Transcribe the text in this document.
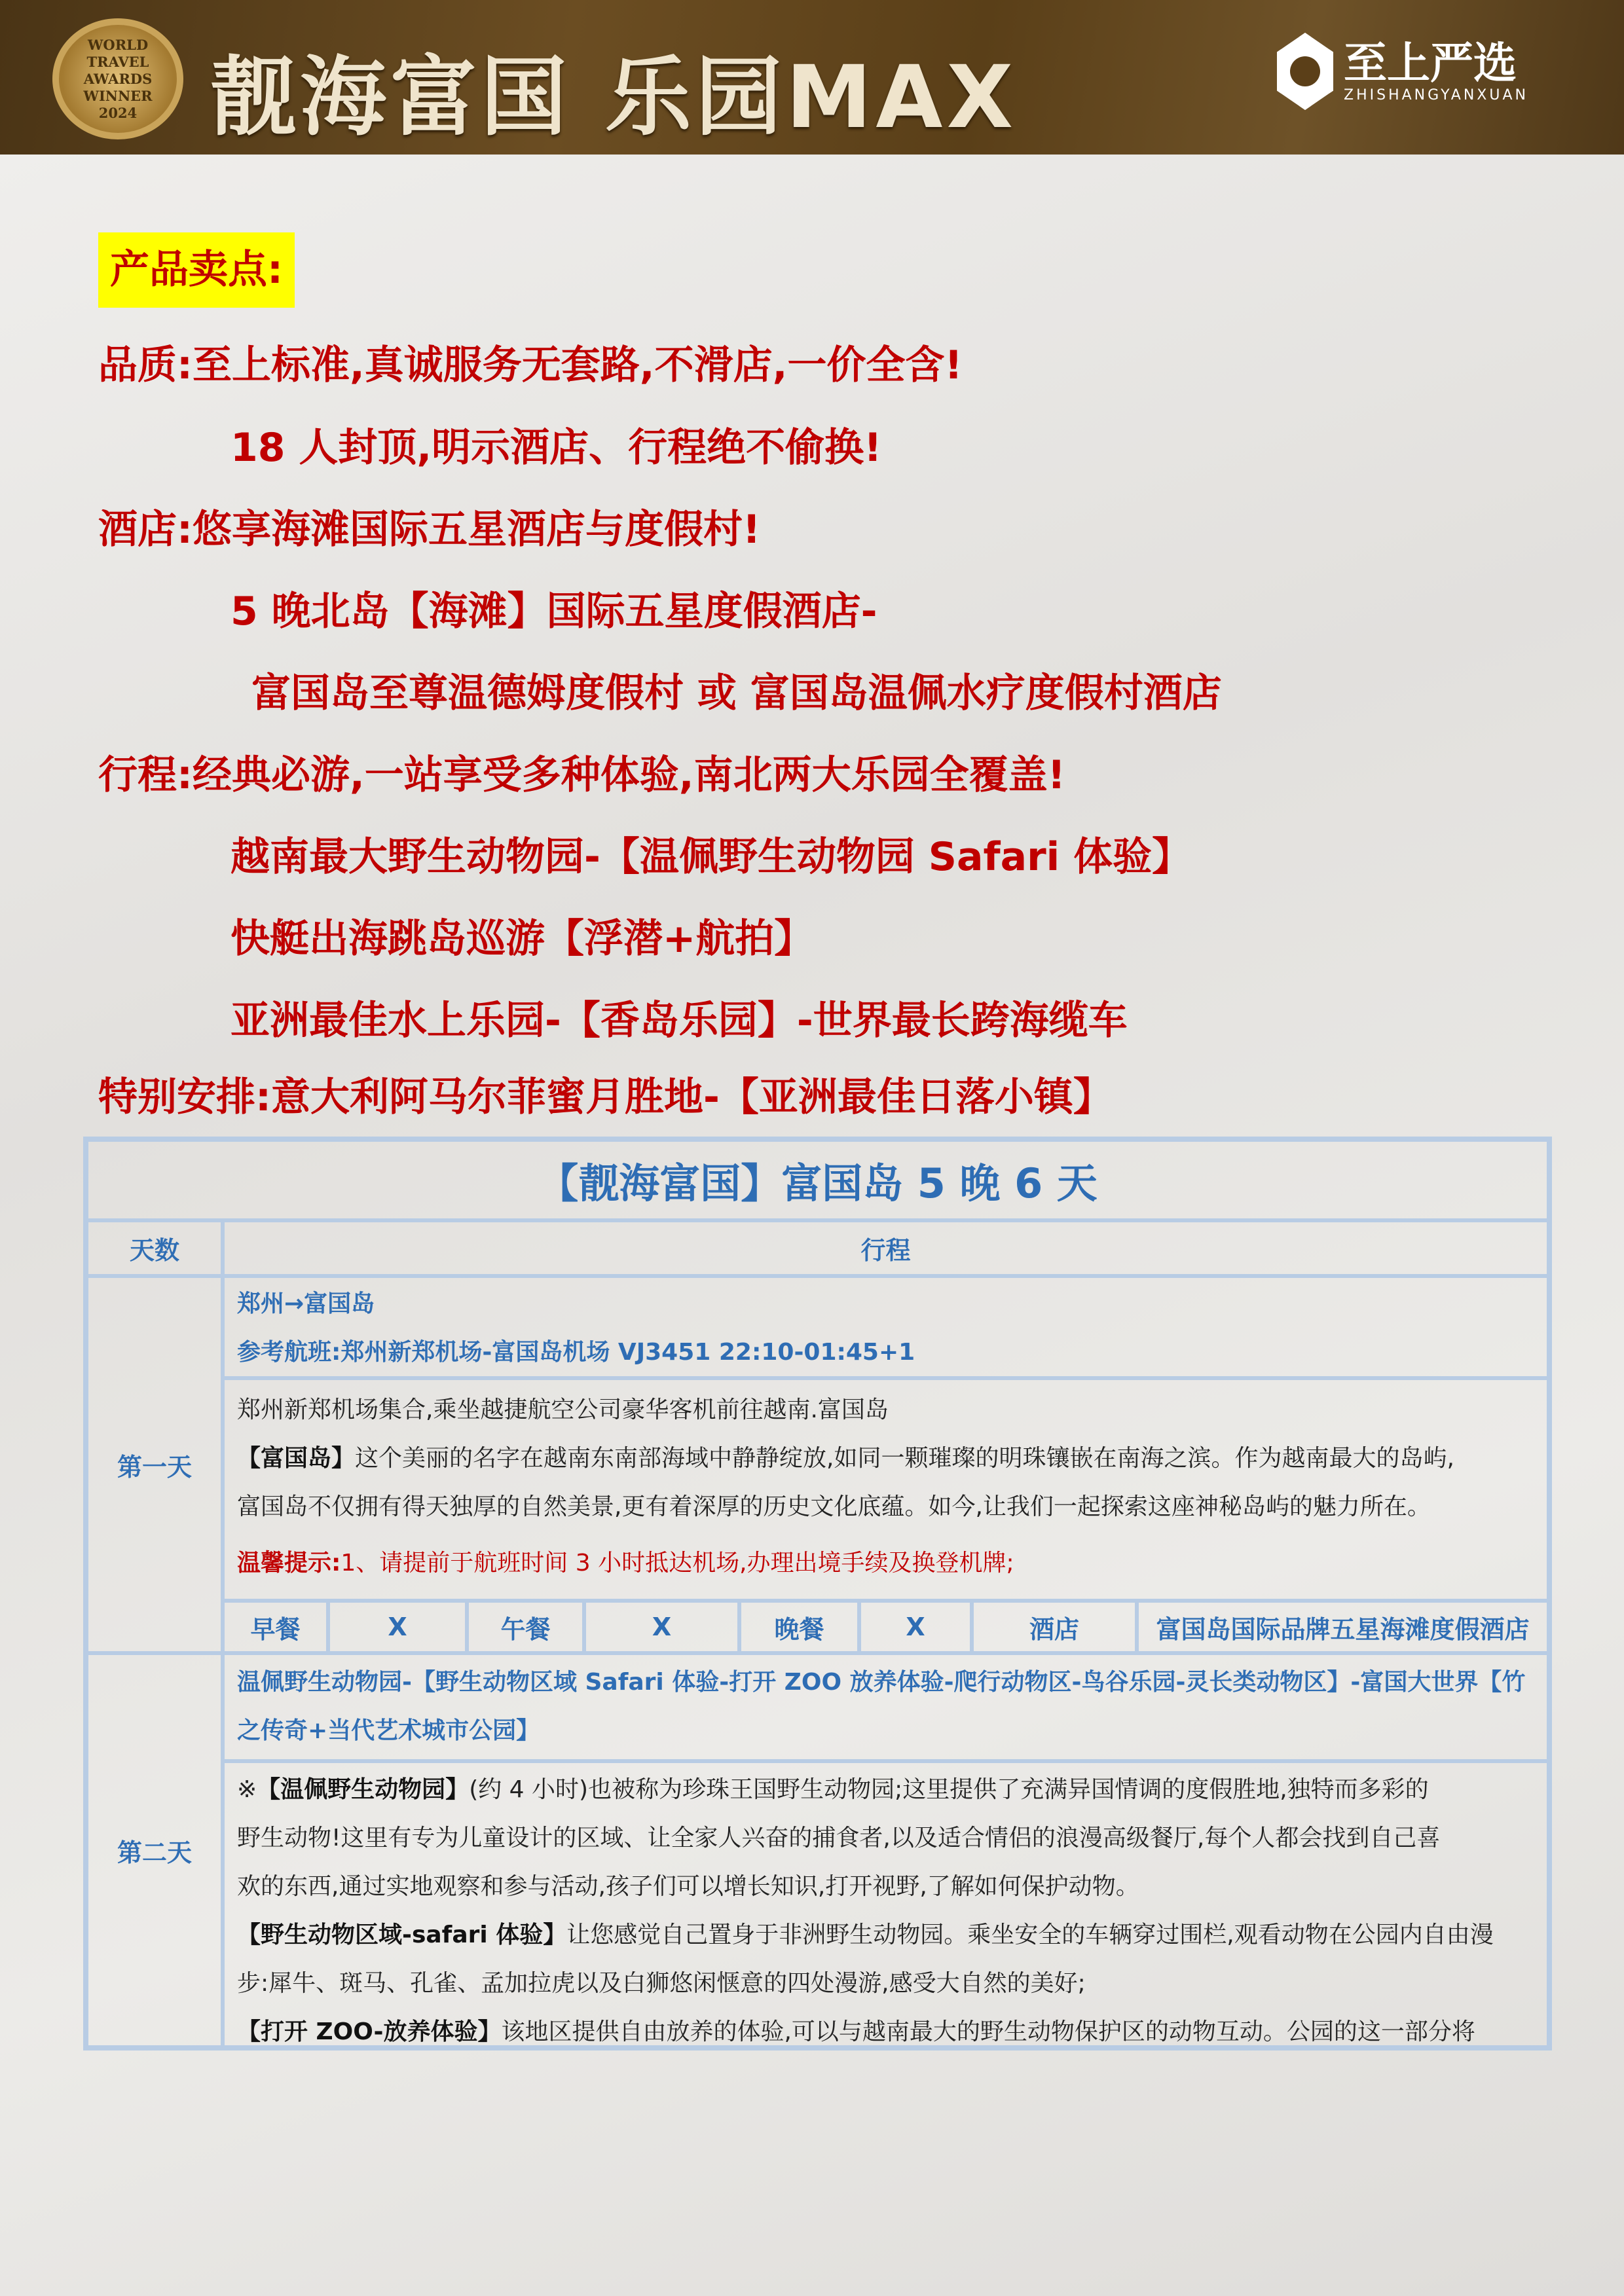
WORLD TRAVEL AWARDS WINNER 2024 靓海富国 乐园MAX	至上严选
ZHISHANGYANXUAN
产品卖点:
品质:至上标准,真诚服务无套路,不滑店,一价全含!
18 人封顶,明示酒店、行程绝不偷换!
酒店:悠享海滩国际五星酒店与度假村!
5 晚北岛【海滩】国际五星度假酒店-
富国岛至尊温德姆度假村 或 富国岛温佩水疗度假村酒店
行程:经典必游,一站享受多种体验,南北两大乐园全覆盖!
越南最大野生动物园-【温佩野生动物园 Safari 体验】
快艇出海跳岛巡游【浮潜+航拍】
亚洲最佳水上乐园-【香岛乐园】-世界最长跨海缆车
特别安排:意大利阿马尔菲蜜月胜地-【亚洲最佳日落小镇】
【靓海富国】富国岛 5 晚 6 天
天数	行程
第一天
郑州→富国岛
参考航班:郑州新郑机场-富国岛机场 VJ3451 22:10-01:45+1
郑州新郑机场集合,乘坐越捷航空公司豪华客机前往越南.富国岛
【富国岛】这个美丽的名字在越南东南部海域中静静绽放,如同一颗璀璨的明珠镶嵌在南海之滨。作为越南最大的岛屿,
富国岛不仅拥有得天独厚的自然美景,更有着深厚的历史文化底蕴。如今,让我们一起探索这座神秘岛屿的魅力所在。
温馨提示:1、请提前于航班时间 3 小时抵达机场,办理出境手续及换登机牌;
早餐	X	午餐	X	晚餐	X	酒店	富国岛国际品牌五星海滩度假酒店
第二天
温佩野生动物园-【野生动物区域 Safari 体验-打开 ZOO 放养体验-爬行动物区-鸟谷乐园-灵长类动物区】-富国大世界【竹
之传奇+当代艺术城市公园】
※【温佩野生动物园】(约 4 小时)也被称为珍珠王国野生动物园;这里提供了充满异国情调的度假胜地,独特而多彩的
野生动物!这里有专为儿童设计的区域、让全家人兴奋的捕食者,以及适合情侣的浪漫高级餐厅,每个人都会找到自己喜
欢的东西,通过实地观察和参与活动,孩子们可以增长知识,打开视野,了解如何保护动物。
【野生动物区域-safari 体验】让您感觉自己置身于非洲野生动物园。乘坐安全的车辆穿过围栏,观看动物在公园内自由漫
步:犀牛、斑马、孔雀、孟加拉虎以及白狮悠闲惬意的四处漫游,感受大自然的美好;
【打开 ZOO-放养体验】该地区提供自由放养的体验,可以与越南最大的野生动物保护区的动物互动。公园的这一部分将
